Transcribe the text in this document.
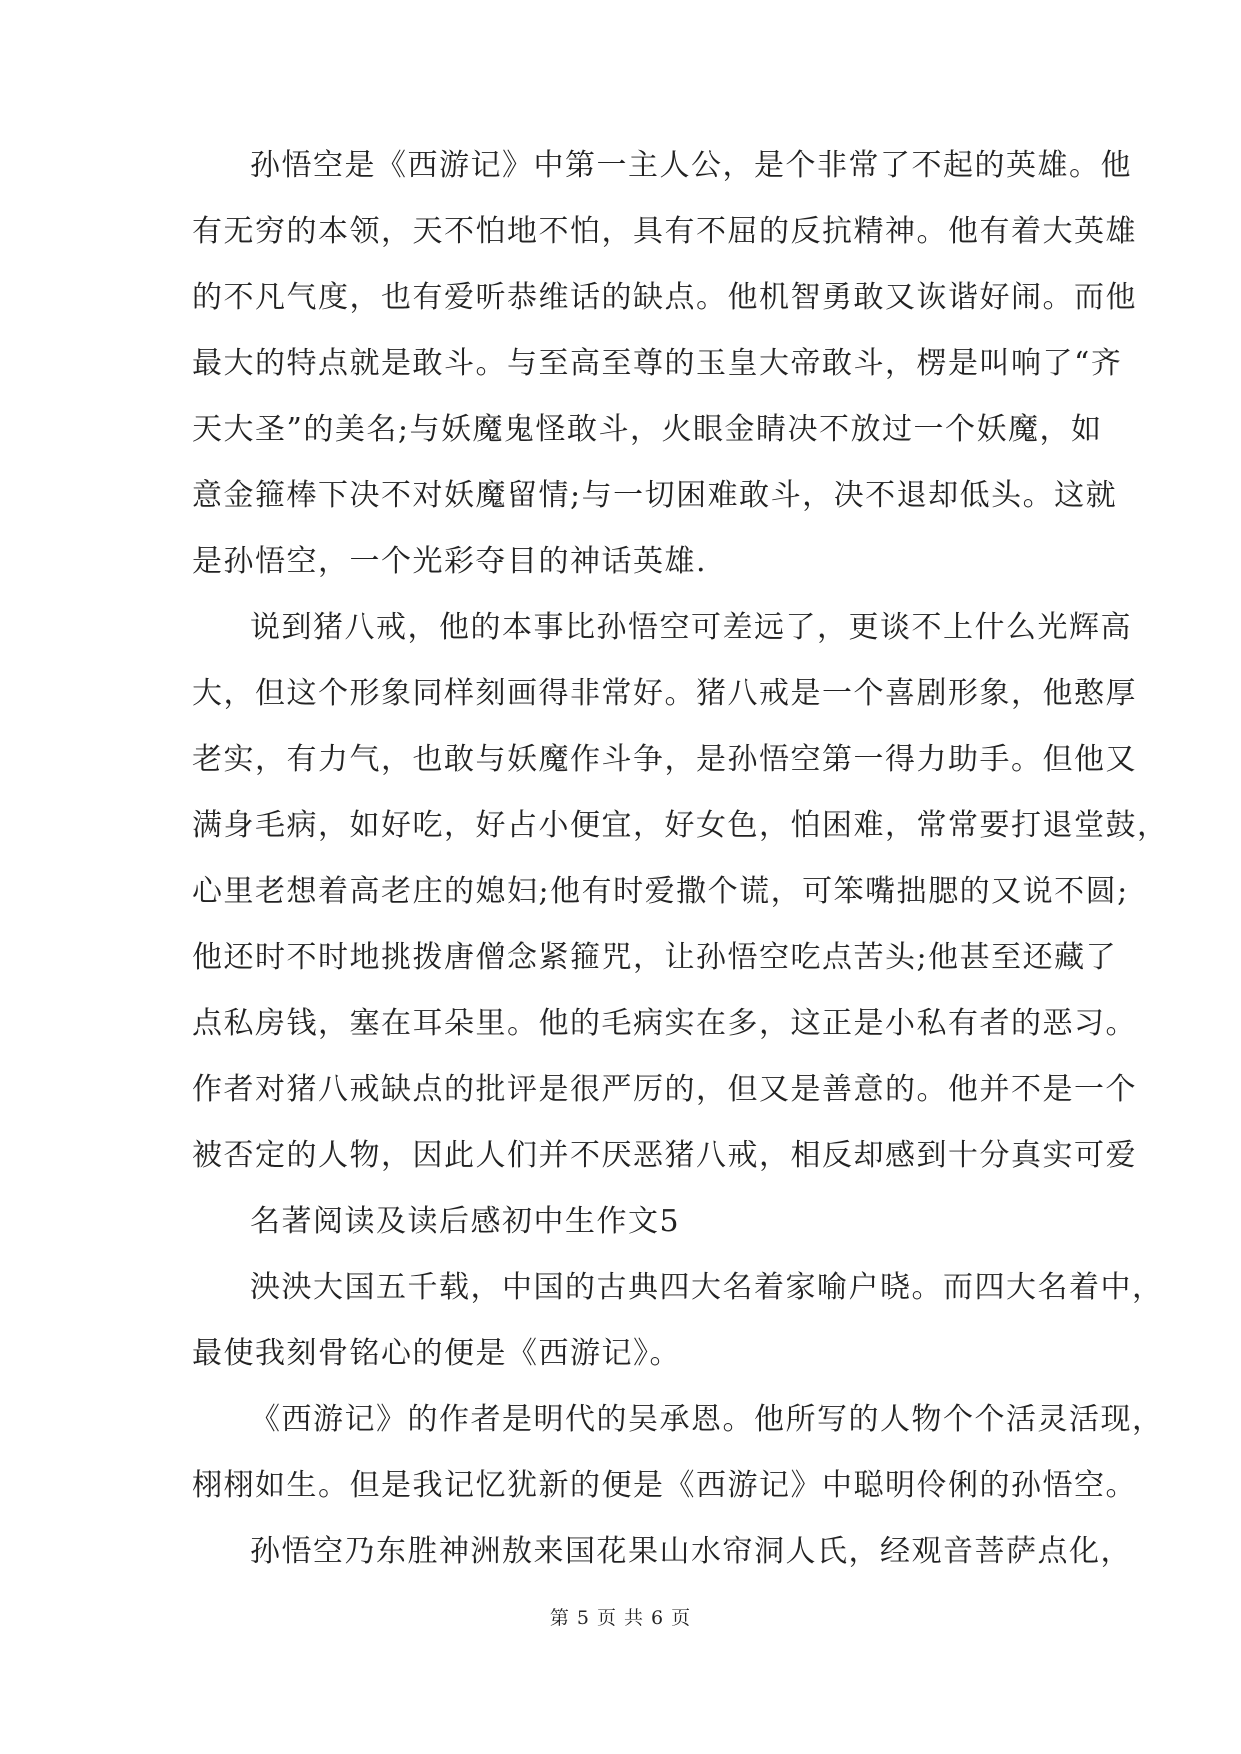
孙悟空是《西游记》中第一主人公，是个非常了不起的英雄。他
有无穷的本领，天不怕地不怕，具有不屈的反抗精神。他有着大英雄
的不凡气度，也有爱听恭维话的缺点。他机智勇敢又诙谐好闹。而他
最大的特点就是敢斗。与至高至尊的玉皇大帝敢斗，楞是叫响了“齐
天大圣”的美名;与妖魔鬼怪敢斗，火眼金睛决不放过一个妖魔，如
意金箍棒下决不对妖魔留情;与一切困难敢斗，决不退却低头。这就
是孙悟空，一个光彩夺目的神话英雄.
说到猪八戒，他的本事比孙悟空可差远了，更谈不上什么光辉高
大，但这个形象同样刻画得非常好。猪八戒是一个喜剧形象，他憨厚
老实，有力气，也敢与妖魔作斗争，是孙悟空第一得力助手。但他又
满身毛病，如好吃，好占小便宜，好女色，怕困难，常常要打退堂鼓，
心里老想着高老庄的媳妇;他有时爱撒个谎，可笨嘴拙腮的又说不圆;
他还时不时地挑拨唐僧念紧箍咒，让孙悟空吃点苦头;他甚至还藏了
点私房钱，塞在耳朵里。他的毛病实在多，这正是小私有者的恶习。
作者对猪八戒缺点的批评是很严厉的，但又是善意的。他并不是一个
被否定的人物，因此人们并不厌恶猪八戒，相反却感到十分真实可爱
名著阅读及读后感初中生作文5
泱泱大国五千载，中国的古典四大名着家喻户晓。而四大名着中，
最使我刻骨铭心的便是《西游记》。
《西游记》的作者是明代的吴承恩。他所写的人物个个活灵活现，
栩栩如生。但是我记忆犹新的便是《西游记》中聪明伶俐的孙悟空。
孙悟空乃东胜神洲敖来国花果山水帘洞人氏，经观音菩萨点化，
第 5 页 共 6 页
